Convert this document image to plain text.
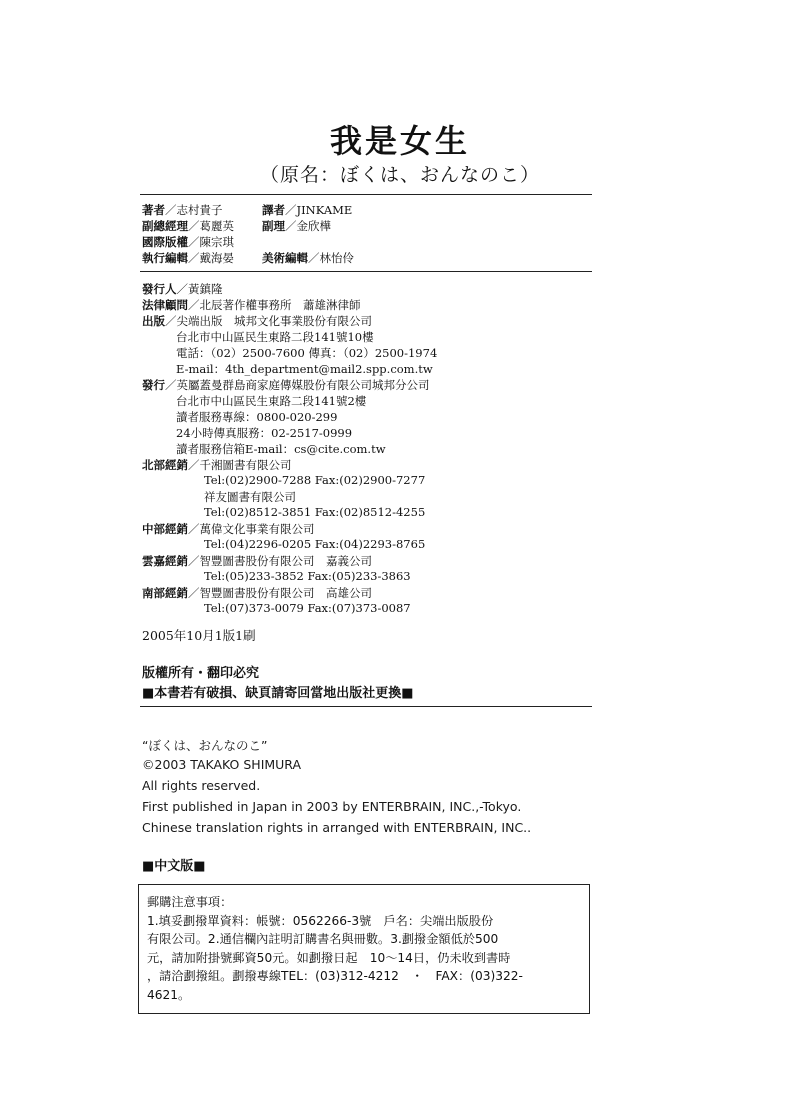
我是女生
（原名：ぼくは、おんなのこ）
著者／志村貴子	譯者／JINKAME
副總經理／葛麗英 副理／金欣樺
國際版權／陳宗琪
執行編輯／戴海晏 美術編輯／林怡伶
發行人／黃鎮隆
法律顧問／北辰著作權事務所　蕭雄淋律師
出版／尖端出版　城邦文化事業股份有限公司
台北市中山區民生東路二段141號10樓
電話：（02）2500-7600 傳真：（02）2500-1974
E-mail：4th_department@mail2.spp.com.tw
發行／英屬蓋曼群島商家庭傳媒股份有限公司城邦分公司
台北市中山區民生東路二段141號2樓
讀者服務專線：0800-020-299
24小時傳真服務：02-2517-0999
讀者服務信箱E-mail：cs@cite.com.tw
北部經銷／千湘圖書有限公司
Tel:(02)2900-7288 Fax:(02)2900-7277
祥友圖書有限公司
Tel:(02)8512-3851 Fax:(02)8512-4255
中部經銷／萬偉文化事業有限公司
Tel:(04)2296-0205 Fax:(04)2293-8765
雲嘉經銷／智豐圖書股份有限公司　嘉義公司
Tel:(05)233-3852 Fax:(05)233-3863
南部經銷／智豐圖書股份有限公司　高雄公司
Tel:(07)373-0079 Fax:(07)373-0087
2005年10月1版1刷
版權所有・翻印必究
■本書若有破損、缺頁請寄回當地出版社更換■
“ぼくは、おんなのこ”
©2003 TAKAKO SHIMURA
All rights reserved.
First published in Japan in 2003 by ENTERBRAIN, INC.,-Tokyo.
Chinese translation rights in arranged with ENTERBRAIN, INC..
■中文版■
郵購注意事項：
1.填妥劃撥單資料：帳號：0562266-3號　戶名：尖端出版股份
有限公司。2.通信欄內註明訂購書名與冊數。3.劃撥金額低於500
元，請加附掛號郵資50元。如劃撥日起　10～14日，仍未收到書時
，請洽劃撥組。劃撥專線TEL：(03)312-4212　・　FAX：(03)322-
4621。
